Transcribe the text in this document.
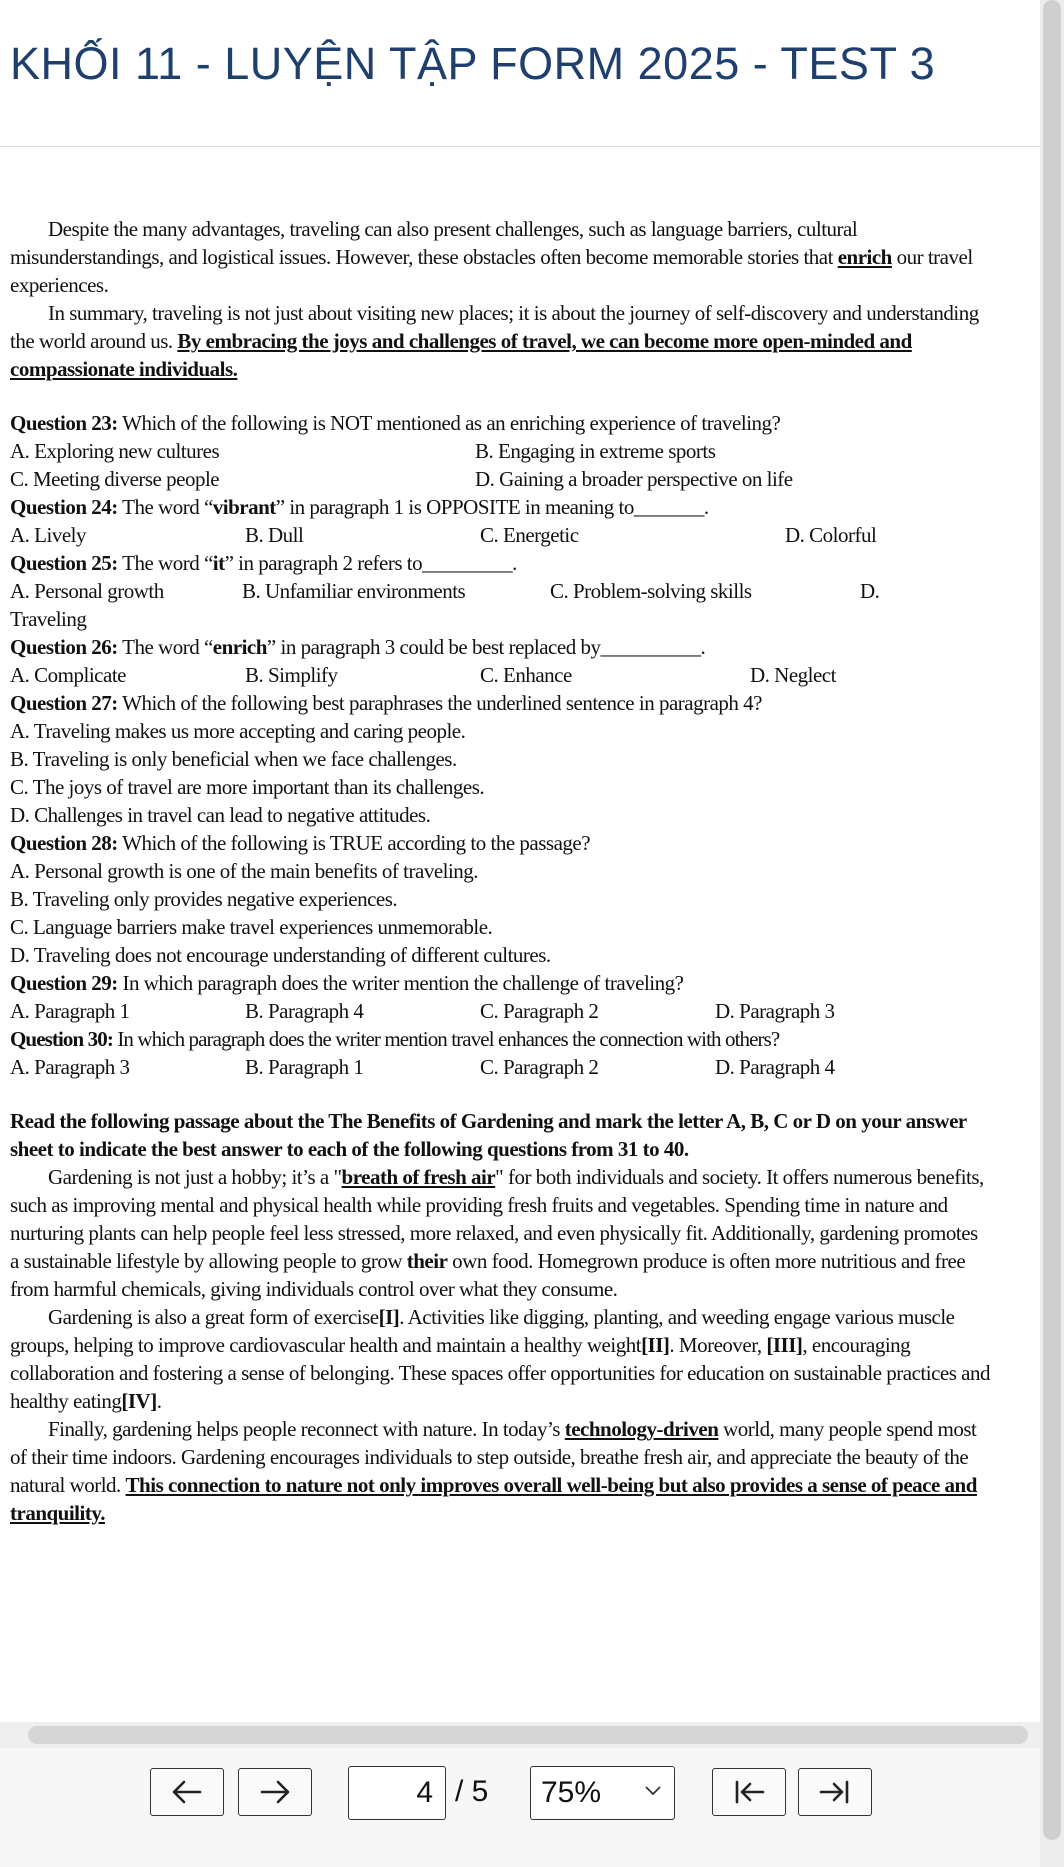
KHỐI 11 - LUYỆN TẬP FORM 2025 - TEST 3

Despite the many advantages, traveling can also present challenges, such as language barriers, cultural misunderstandings, and logistical issues. However, these obstacles often become memorable stories that enrich our travel experiences.

In summary, traveling is not just about visiting new places; it is about the journey of self-discovery and understanding the world around us. By embracing the joys and challenges of travel, we can become more open-minded and compassionate individuals.

Question 23: Which of the following is NOT mentioned as an enriching experience of traveling?

A. Exploring new cultures	B. Engaging in extreme sports
C. Meeting diverse people	D. Gaining a broader perspective on life

Question 24: The word “vibrant” in paragraph 1 is OPPOSITE in meaning to_______.

A. Lively	B. Dull	C. Energetic	D. Colorful

Question 25: The word “it” in paragraph 2 refers to_________.

A. Personal growth	B. Unfamiliar environments	C. Problem-solving skills	D.

Traveling

Question 26: The word “enrich” in paragraph 3 could be best replaced by__________.

A. Complicate	B. Simplify	C. Enhance	D. Neglect

Question 27: Which of the following best paraphrases the underlined sentence in paragraph 4?

A. Traveling makes us more accepting and caring people.

B. Traveling is only beneficial when we face challenges.

C. The joys of travel are more important than its challenges.

D. Challenges in travel can lead to negative attitudes.

Question 28: Which of the following is TRUE according to the passage?

A. Personal growth is one of the main benefits of traveling.

B. Traveling only provides negative experiences.

C. Language barriers make travel experiences unmemorable.

D. Traveling does not encourage understanding of different cultures.

Question 29: In which paragraph does the writer mention the challenge of traveling?

A. Paragraph 1	B. Paragraph 4	C. Paragraph 2	D. Paragraph 3

Question 30: In which paragraph does the writer mention travel enhances the connection with others?

A. Paragraph 3	B. Paragraph 1	C. Paragraph 2	D. Paragraph 4

Read the following passage about the The Benefits of Gardening and mark the letter A, B, C or D on your answer sheet to indicate the best answer to each of the following questions from 31 to 40.

Gardening is not just a hobby; it’s a "breath of fresh air" for both individuals and society. It offers numerous benefits, such as improving mental and physical health while providing fresh fruits and vegetables. Spending time in nature and nurturing plants can help people feel less stressed, more relaxed, and even physically fit. Additionally, gardening promotes a sustainable lifestyle by allowing people to grow their own food. Homegrown produce is often more nutritious and free from harmful chemicals, giving individuals control over what they consume.

Gardening is also a great form of exercise[I]. Activities like digging, planting, and weeding engage various muscle groups, helping to improve cardiovascular health and maintain a healthy weight[II]. Moreover, [III], encouraging collaboration and fostering a sense of belonging. These spaces offer opportunities for education on sustainable practices and healthy eating[IV].

Finally, gardening helps people reconnect with nature. In today’s technology-driven world, many people spend most of their time indoors. Gardening encourages individuals to step outside, breathe fresh air, and appreciate the beauty of the natural world. This connection to nature not only improves overall well-being but also provides a sense of peace and tranquility.

4 / 5	75%
